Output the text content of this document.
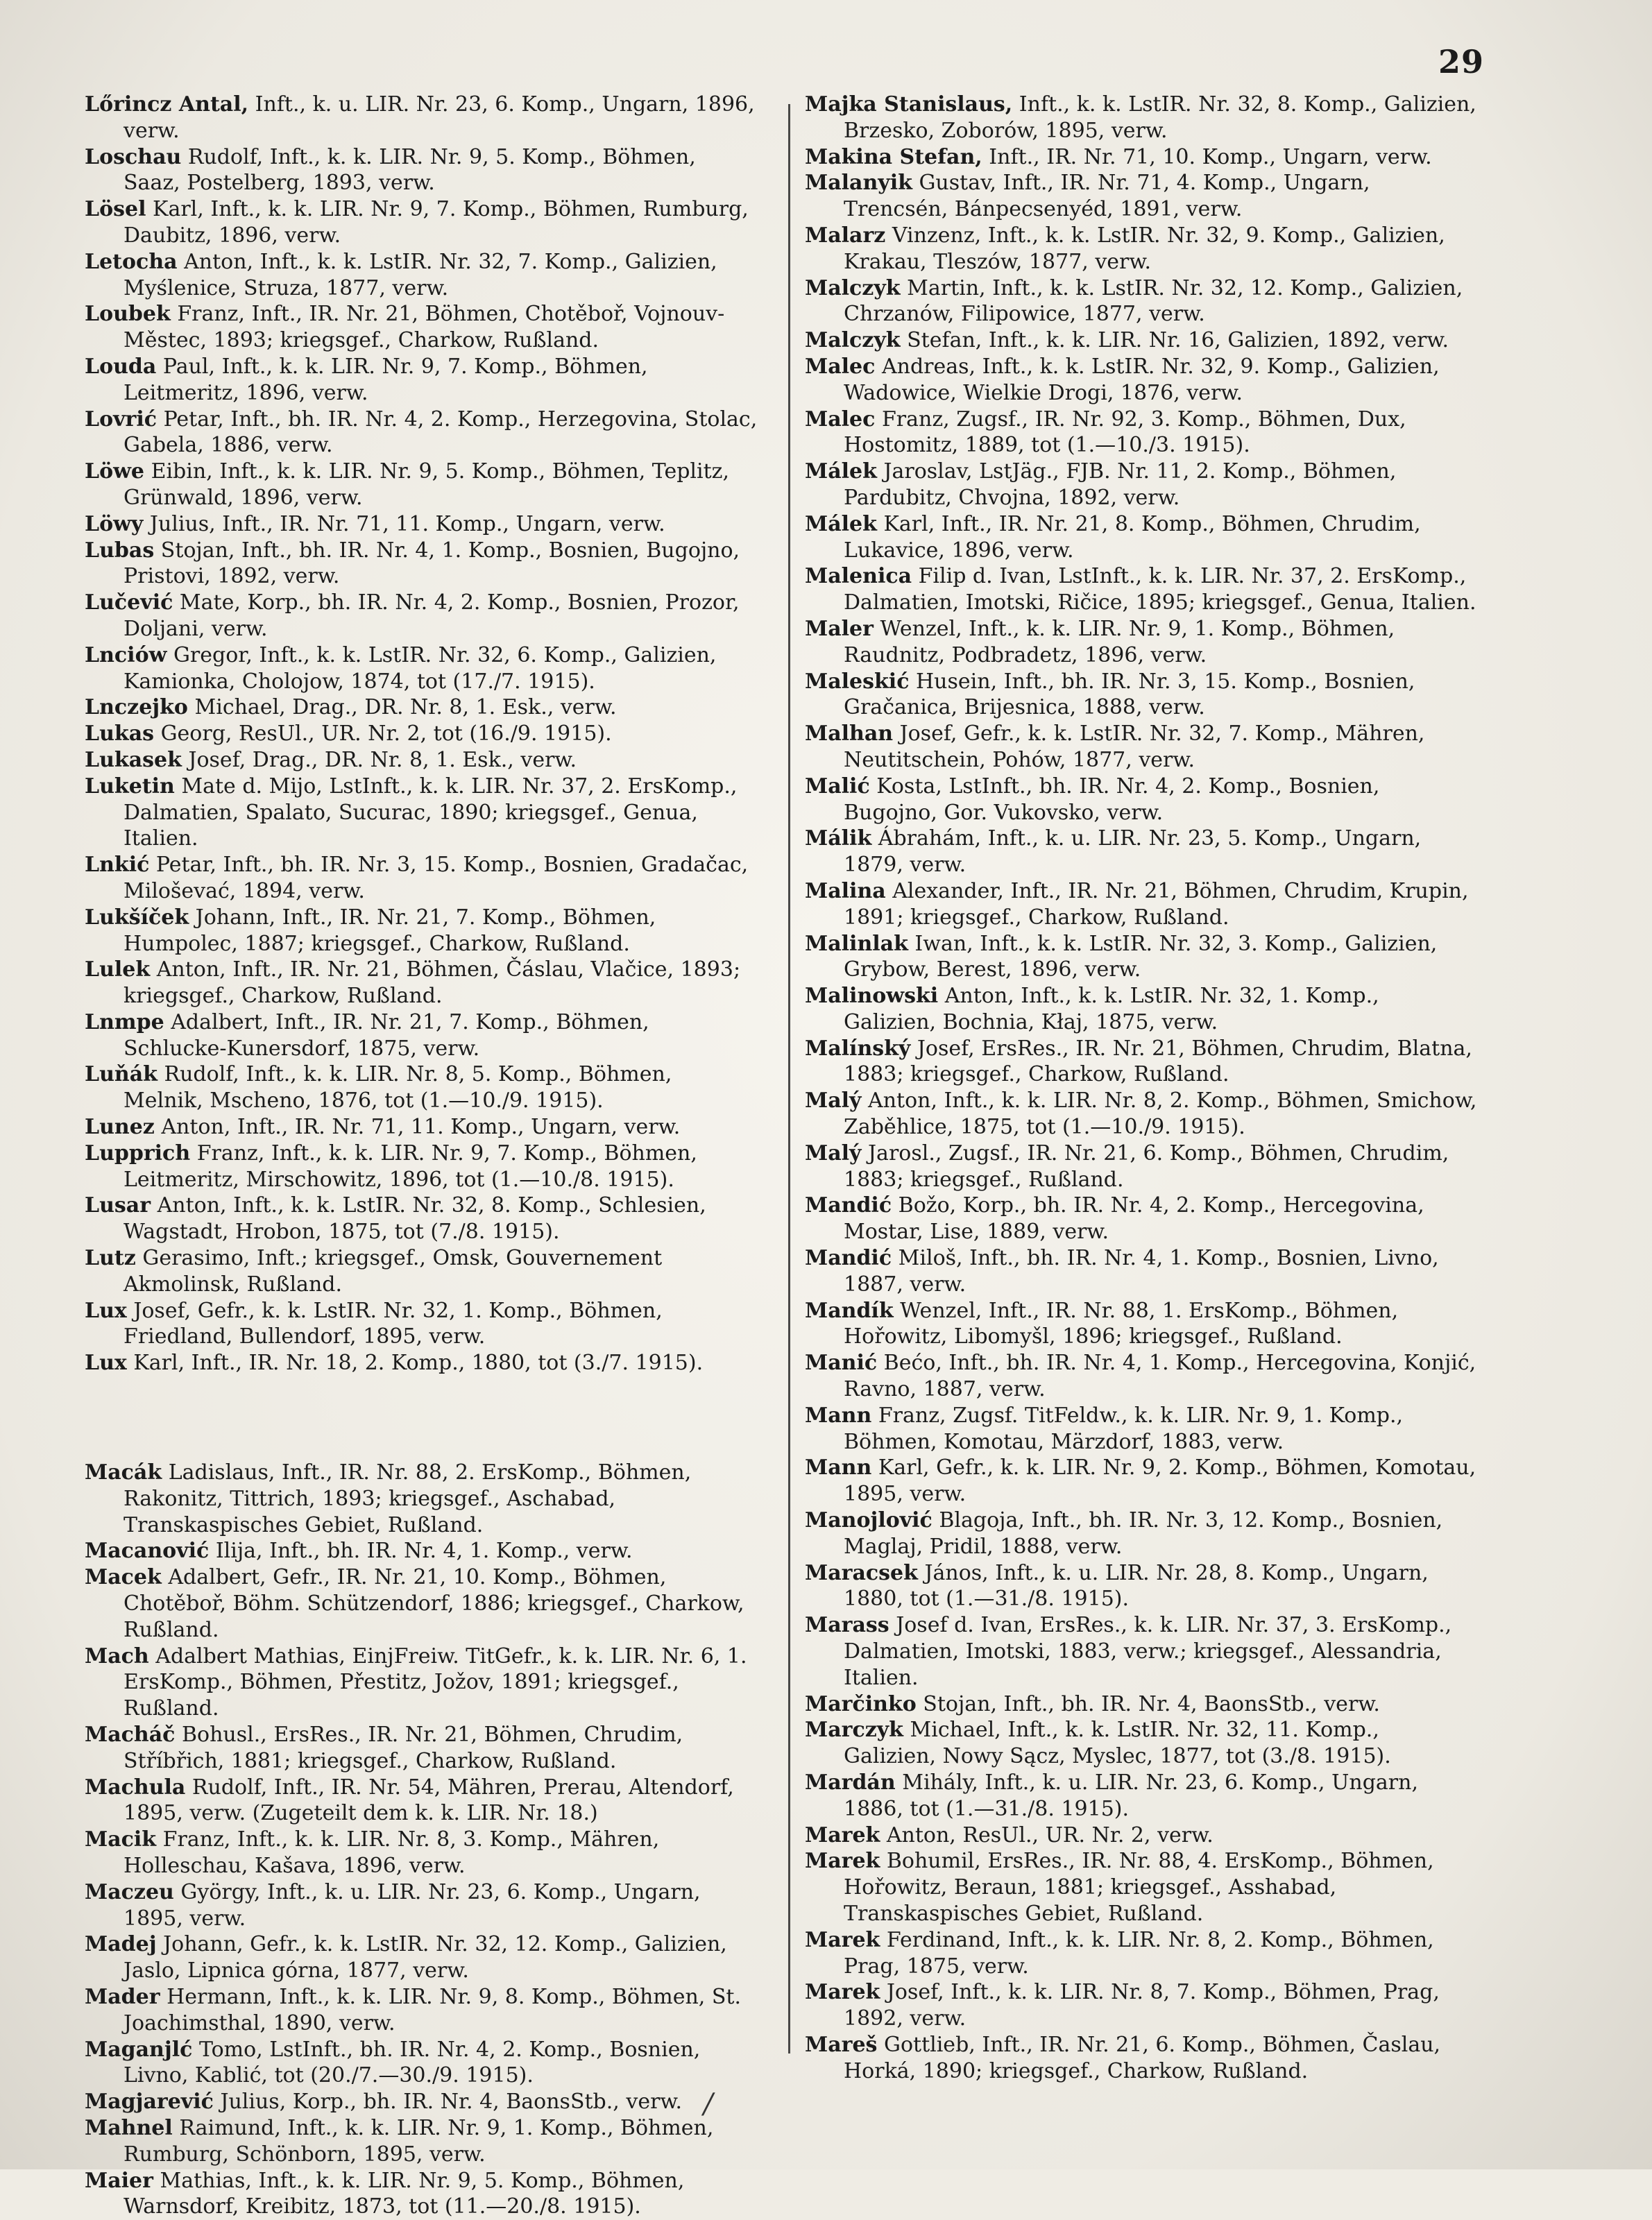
29
Lőrincz Antal, Inft., k. u. LIR. Nr. 23, 6. Komp., Ungarn, 1896, verw.
Loschau Rudolf, Inft., k. k. LIR. Nr. 9, 5. Komp., Böhmen, Saaz, Postelberg, 1893, verw.
Lösel Karl, Inft., k. k. LIR. Nr. 9, 7. Komp., Böhmen, Rumburg, Daubitz, 1896, verw.
Letocha Anton, Inft., k. k. LstIR. Nr. 32, 7. Komp., Galizien, Myślenice, Struza, 1877, verw.
Loubek Franz, Inft., IR. Nr. 21, Böhmen, Chotěboř, Vojnouv-Městec, 1893; kriegsgef., Charkow, Rußland.
Louda Paul, Inft., k. k. LIR. Nr. 9, 7. Komp., Böhmen, Leitmeritz, 1896, verw.
Lovrić Petar, Inft., bh. IR. Nr. 4, 2. Komp., Herzegovina, Stolac, Gabela, 1886, verw.
Löwe Eibin, Inft., k. k. LIR. Nr. 9, 5. Komp., Böhmen, Teplitz, Grünwald, 1896, verw.
Löwy Julius, Inft., IR. Nr. 71, 11. Komp., Ungarn, verw.
Lubas Stojan, Inft., bh. IR. Nr. 4, 1. Komp., Bosnien, Bugojno, Pristovi, 1892, verw.
Lučević Mate, Korp., bh. IR. Nr. 4, 2. Komp., Bosnien, Prozor, Doljani, verw.
Lnciów Gregor, Inft., k. k. LstIR. Nr. 32, 6. Komp., Galizien, Kamionka, Cholojow, 1874, tot (17./7. 1915).
Lnczejko Michael, Drag., DR. Nr. 8, 1. Esk., verw.
Lukas Georg, ResUl., UR. Nr. 2, tot (16./9. 1915).
Lukasek Josef, Drag., DR. Nr. 8, 1. Esk., verw.
Luketin Mate d. Mijo, LstInft., k. k. LIR. Nr. 37, 2. ErsKomp., Dalmatien, Spalato, Sucurac, 1890; kriegsgef., Genua, Italien.
Lnkić Petar, Inft., bh. IR. Nr. 3, 15. Komp., Bosnien, Gradačac, Miloševać, 1894, verw.
Lukšíček Johann, Inft., IR. Nr. 21, 7. Komp., Böhmen, Humpolec, 1887; kriegsgef., Charkow, Rußland.
Lulek Anton, Inft., IR. Nr. 21, Böhmen, Čáslau, Vlačice, 1893; kriegsgef., Charkow, Rußland.
Lnmpe Adalbert, Inft., IR. Nr. 21, 7. Komp., Böhmen, Schlucke-Kunersdorf, 1875, verw.
Luňák Rudolf, Inft., k. k. LIR. Nr. 8, 5. Komp., Böhmen, Melnik, Mscheno, 1876, tot (1.—10./9. 1915).
Lunez Anton, Inft., IR. Nr. 71, 11. Komp., Ungarn, verw.
Lupprich Franz, Inft., k. k. LIR. Nr. 9, 7. Komp., Böhmen, Leitmeritz, Mirschowitz, 1896, tot (1.—10./8. 1915).
Lusar Anton, Inft., k. k. LstIR. Nr. 32, 8. Komp., Schlesien, Wagstadt, Hrobon, 1875, tot (7./8. 1915).
Lutz Gerasimo, Inft.; kriegsgef., Omsk, Gouvernement Akmolinsk, Rußland.
Lux Josef, Gefr., k. k. LstIR. Nr. 32, 1. Komp., Böhmen, Friedland, Bullendorf, 1895, verw.
Lux Karl, Inft., IR. Nr. 18, 2. Komp., 1880, tot (3./7. 1915).
Macák Ladislaus, Inft., IR. Nr. 88, 2. ErsKomp., Böhmen, Rakonitz, Tittrich, 1893; kriegsgef., Aschabad, Transkaspisches Gebiet, Rußland.
Macanović Ilija, Inft., bh. IR. Nr. 4, 1. Komp., verw.
Macek Adalbert, Gefr., IR. Nr. 21, 10. Komp., Böhmen, Chotěboř, Böhm. Schützendorf, 1886; kriegsgef., Charkow, Rußland.
Mach Adalbert Mathias, EinjFreiw. TitGefr., k. k. LIR. Nr. 6, 1. ErsKomp., Böhmen, Přestitz, Jožov, 1891; kriegsgef., Rußland.
Macháč Bohusl., ErsRes., IR. Nr. 21, Böhmen, Chrudim, Stříbřich, 1881; kriegsgef., Charkow, Rußland.
Machula Rudolf, Inft., IR. Nr. 54, Mähren, Prerau, Altendorf, 1895, verw. (Zugeteilt dem k. k. LIR. Nr. 18.)
Macik Franz, Inft., k. k. LIR. Nr. 8, 3. Komp., Mähren, Holleschau, Kašava, 1896, verw.
Maczeu György, Inft., k. u. LIR. Nr. 23, 6. Komp., Ungarn, 1895, verw.
Madej Johann, Gefr., k. k. LstIR. Nr. 32, 12. Komp., Galizien, Jaslo, Lipnica górna, 1877, verw.
Mader Hermann, Inft., k. k. LIR. Nr. 9, 8. Komp., Böhmen, St. Joachimsthal, 1890, verw.
Maganjlć Tomo, LstInft., bh. IR. Nr. 4, 2. Komp., Bosnien, Livno, Kablić, tot (20./7.—30./9. 1915).
Magjarević Julius, Korp., bh. IR. Nr. 4, BaonsStb., verw.
Mahnel Raimund, Inft., k. k. LIR. Nr. 9, 1. Komp., Böhmen, Rumburg, Schönborn, 1895, verw.
Maier Mathias, Inft., k. k. LIR. Nr. 9, 5. Komp., Böhmen, Warnsdorf, Kreibitz, 1873, tot (11.—20./8. 1915).
Majka Stanislaus, Inft., k. k. LstIR. Nr. 32, 8. Komp., Galizien, Brzesko, Zoborów, 1895, verw.
Makina Stefan, Inft., IR. Nr. 71, 10. Komp., Ungarn, verw.
Malanyik Gustav, Inft., IR. Nr. 71, 4. Komp., Ungarn, Trencsén, Bánpecsenyéd, 1891, verw.
Malarz Vinzenz, Inft., k. k. LstIR. Nr. 32, 9. Komp., Galizien, Krakau, Tleszów, 1877, verw.
Malczyk Martin, Inft., k. k. LstIR. Nr. 32, 12. Komp., Galizien, Chrzanów, Filipowice, 1877, verw.
Malczyk Stefan, Inft., k. k. LIR. Nr. 16, Galizien, 1892, verw.
Malec Andreas, Inft., k. k. LstIR. Nr. 32, 9. Komp., Galizien, Wadowice, Wielkie Drogi, 1876, verw.
Malec Franz, Zugsf., IR. Nr. 92, 3. Komp., Böhmen, Dux, Hostomitz, 1889, tot (1.—10./3. 1915).
Málek Jaroslav, LstJäg., FJB. Nr. 11, 2. Komp., Böhmen, Pardubitz, Chvojna, 1892, verw.
Málek Karl, Inft., IR. Nr. 21, 8. Komp., Böhmen, Chrudim, Lukavice, 1896, verw.
Malenica Filip d. Ivan, LstInft., k. k. LIR. Nr. 37, 2. ErsKomp., Dalmatien, Imotski, Ričice, 1895; kriegsgef., Genua, Italien.
Maler Wenzel, Inft., k. k. LIR. Nr. 9, 1. Komp., Böhmen, Raudnitz, Podbradetz, 1896, verw.
Maleskić Husein, Inft., bh. IR. Nr. 3, 15. Komp., Bosnien, Gračanica, Brijesnica, 1888, verw.
Malhan Josef, Gefr., k. k. LstIR. Nr. 32, 7. Komp., Mähren, Neutitschein, Pohów, 1877, verw.
Malić Kosta, LstInft., bh. IR. Nr. 4, 2. Komp., Bosnien, Bugojno, Gor. Vukovsko, verw.
Málik Ábrahám, Inft., k. u. LIR. Nr. 23, 5. Komp., Ungarn, 1879, verw.
Malina Alexander, Inft., IR. Nr. 21, Böhmen, Chrudim, Krupin, 1891; kriegsgef., Charkow, Rußland.
Malinlak Iwan, Inft., k. k. LstIR. Nr. 32, 3. Komp., Galizien, Grybow, Berest, 1896, verw.
Malinowski Anton, Inft., k. k. LstIR. Nr. 32, 1. Komp., Galizien, Bochnia, Kłaj, 1875, verw.
Malínský Josef, ErsRes., IR. Nr. 21, Böhmen, Chrudim, Blatna, 1883; kriegsgef., Charkow, Rußland.
Malý Anton, Inft., k. k. LIR. Nr. 8, 2. Komp., Böhmen, Smichow, Zaběhlice, 1875, tot (1.—10./9. 1915).
Malý Jarosl., Zugsf., IR. Nr. 21, 6. Komp., Böhmen, Chrudim, 1883; kriegsgef., Rußland.
Mandić Božo, Korp., bh. IR. Nr. 4, 2. Komp., Hercegovina, Mostar, Lise, 1889, verw.
Mandić Miloš, Inft., bh. IR. Nr. 4, 1. Komp., Bosnien, Livno, 1887, verw.
Mandík Wenzel, Inft., IR. Nr. 88, 1. ErsKomp., Böhmen, Hořowitz, Libomyšl, 1896; kriegsgef., Rußland.
Manić Bećo, Inft., bh. IR. Nr. 4, 1. Komp., Hercegovina, Konjić, Ravno, 1887, verw.
Mann Franz, Zugsf. TitFeldw., k. k. LIR. Nr. 9, 1. Komp., Böhmen, Komotau, Märzdorf, 1883, verw.
Mann Karl, Gefr., k. k. LIR. Nr. 9, 2. Komp., Böhmen, Komotau, 1895, verw.
Manojlović Blagoja, Inft., bh. IR. Nr. 3, 12. Komp., Bosnien, Maglaj, Pridil, 1888, verw.
Maracsek János, Inft., k. u. LIR. Nr. 28, 8. Komp., Ungarn, 1880, tot (1.—31./8. 1915).
Marass Josef d. Ivan, ErsRes., k. k. LIR. Nr. 37, 3. ErsKomp., Dalmatien, Imotski, 1883, verw.; kriegsgef., Alessandria, Italien.
Marčinko Stojan, Inft., bh. IR. Nr. 4, BaonsStb., verw.
Marczyk Michael, Inft., k. k. LstIR. Nr. 32, 11. Komp., Galizien, Nowy Sącz, Myslec, 1877, tot (3./8. 1915).
Mardán Mihály, Inft., k. u. LIR. Nr. 23, 6. Komp., Ungarn, 1886, tot (1.—31./8. 1915).
Marek Anton, ResUl., UR. Nr. 2, verw.
Marek Bohumil, ErsRes., IR. Nr. 88, 4. ErsKomp., Böhmen, Hořowitz, Beraun, 1881; kriegsgef., Asshabad, Transkaspisches Gebiet, Rußland.
Marek Ferdinand, Inft., k. k. LIR. Nr. 8, 2. Komp., Böhmen, Prag, 1875, verw.
Marek Josef, Inft., k. k. LIR. Nr. 8, 7. Komp., Böhmen, Prag, 1892, verw.
Mareš Gottlieb, Inft., IR. Nr. 21, 6. Komp., Böhmen, Časlau, Horká, 1890; kriegsgef., Charkow, Rußland.
/
